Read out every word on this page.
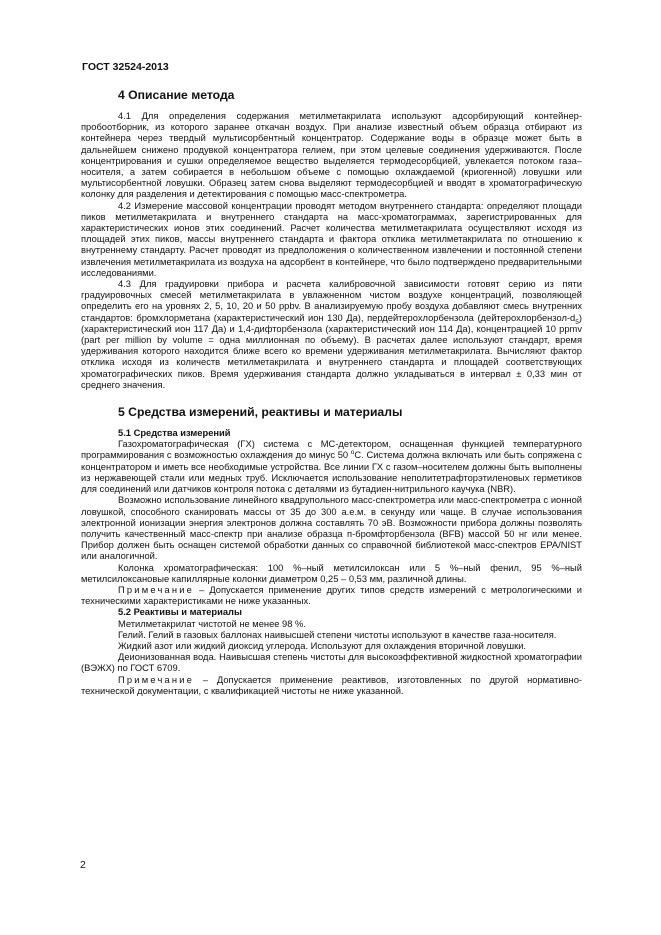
ГОСТ 32524-2013
4 Описание метода

4.1 Для определения содержания метилметакрилата используют адсорбирующий контейнер-пробоотборник, из которого заранее откачан воздух. При анализе известный объем образца отбирают из контейнера через твердый мультисорбентный концентратор. Содержание воды в образце может быть в дальнейшем снижено продувкой концентратора гелием, при этом целевые соединения удерживаются. После концентрирования и сушки определяемое вещество выделяется термодесорбцией, увлекается потоком газа–носителя, а затем собирается в небольшом объеме с помощью охлаждаемой (криогенной) ловушки или мультисорбентной ловушки. Образец затем снова выделяют термодесорбцией и вводят в хроматографическую колонку для разделения и детектирования с помощью масс-спектрометра.

4.2 Измерение массовой концентрации проводят методом внутреннего стандарта: определяют площади пиков метилметакрилата и внутреннего стандарта на масс-хроматограммах, зарегистрированных для характеристических ионов этих соединений. Расчет количества метилметакрилата осуществляют исходя из площадей этих пиков, массы внутреннего стандарта и фактора отклика метилметакрилата по отношению к внутреннему стандарту. Расчет проводят из предположения о количественном извлечении и постоянной степени извлечения метилметакрилата из воздуха на адсорбент в контейнере, что было подтверждено предварительными исследованиями.

4.3 Для градуировки прибора и расчета калибровочной зависимости готовят серию из пяти градуировочных смесей метилметакрилата в увлажненном чистом воздухе концентраций, позволяющей определить его на уровнях 2, 5, 10, 20 и 50 ppbv. В анализируемую пробу воздуха добавляют смесь внутренних стандартов: бромхлорметана (характеристический ион 130 Да), пердейтерохлорбензола $(дейтерохлорбензол-d_5)$ (характеристический ион 117 Да) и 1,4-дифторбензола (характеристический ион 114 Да), концентрацией 10 ppmv (part per million by volume = одна миллионная по объему). В расчетах далее используют стандарт, время удерживания которого находится ближе всего ко времени удерживания метилметакрилата. Вычисляют фактор отклика исходя из количеств метилметакрилата и внутреннего стандарта и площадей соответствующих хроматографических пиков. Время удерживания стандарта должно укладываться в интервал ± 0,33 мин от среднего значения.

5 Средства измерений, реактивы и материалы
5.1 Средства измерений

Газохроматографическая (ГХ) система с МС-детектором, оснащенная функцией температурного программирования с возможностью охлаждения до минус 50 $^o$С. Система должна включать или быть сопряжена с концентратором и иметь все необходимые устройства. Все линии ГХ с газом–носителем должны быть выполнены из нержавеющей стали или медных труб. Исключается использование неполитетрафторэтиленовых герметиков для соединений или датчиков контроля потока с деталями из бутадиен-нитрильного каучука (NBR).

Возможно использование линейного квадрупольного масс-спектрометра или масс-спектрометра с ионной ловушкой, способного сканировать массы от 35 до 300 а.е.м. в секунду или чаще. В случае использования электронной ионизации энергия электронов должна составлять 70 эВ. Возможности прибора должны позволять получить качественный масс-спектр при анализе образца п-бромфторбензола (BFB) массой 50 нг или менее. Прибор должен быть оснащен системой обработки данных со справочной библиотекой масс-спектров EPA/NIST или аналогичной.

Колонка хроматографическая: 100 %–ный метилсилоксан или 5 %–ный фенил, 95 %–ный метилсилоксановые капиллярные колонки диаметром 0,25 – 0,53 мм, различной длины.

Примечание – Допускается применение других типов средств измерений с метрологическими и техническими характеристиками не ниже указанных.

5.2 Реактивы и материалы

Метилметакрилат чистотой не менее 98 %.

Гелий. Гелий в газовых баллонах наивысшей степени чистоты используют в качестве газа-носителя.

Жидкий азот или жидкий диоксид углерода. Используют для охлаждения вторичной ловушки.

Деионизованная вода. Наивысшая степень чистоты для высокоэффективной жидкостной хроматографии (ВЭЖХ) по ГОСТ 6709.

Примечание – Допускается применение реактивов, изготовленных по другой нормативно-технической документации, с квалификацией чистоты не ниже указанной.

2
